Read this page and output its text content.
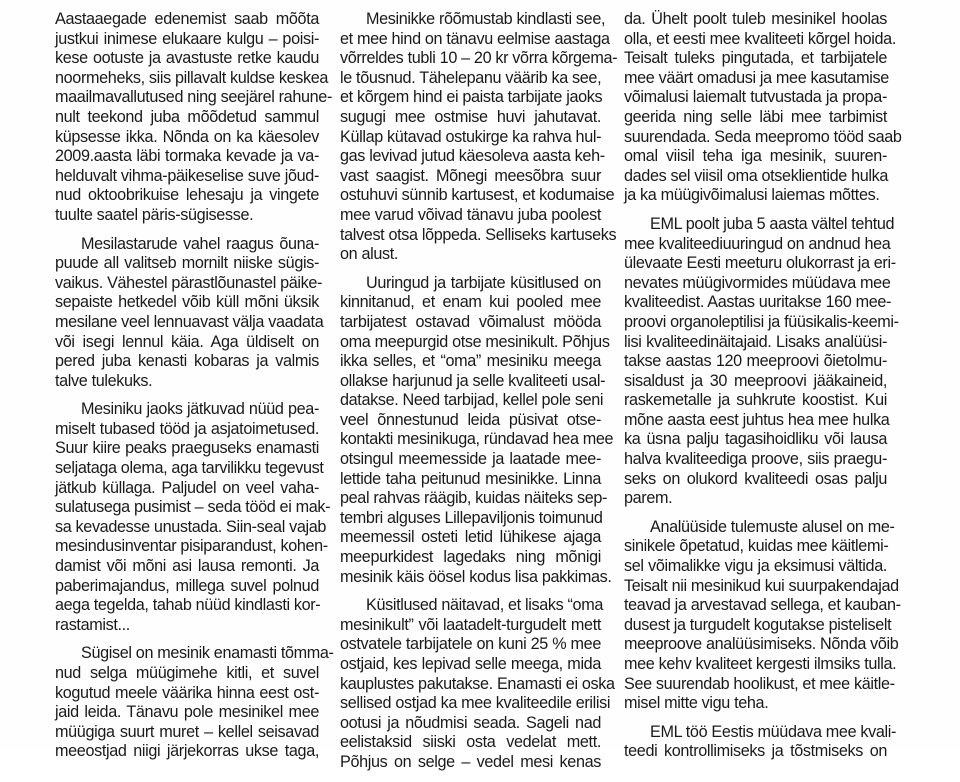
Aastaaegade edenemist saab mõõta
justkui inimese elukaare kulgu – poisi-
kese ootuste ja avastuste retke kaudu
noormeheks, siis pillavalt kuldse keskea
maailmavallutused ning seejärel rahune-
nult teekond juba mõõdetud sammul
küpsesse ikka. Nõnda on ka käesolev
2009.aasta läbi tormaka kevade ja va-
helduvalt vihma-päikeselise suve jõud-
nud oktoobrikuise lehesaju ja vingete
tuulte saatel päris-sügisesse.
Mesilastarude vahel raagus õuna-
puude all valitseb mornilt niiske sügis-
vaikus. Vähestel pärastlõunastel päike-
sepaiste hetkedel võib küll mõni üksik
mesilane veel lennuavast välja vaadata
või isegi lennul käia. Aga üldiselt on
pered juba kenasti kobaras ja valmis
talve tulekuks.
Mesiniku jaoks jätkuvad nüüd pea-
miselt tubased tööd ja asjatoimetused.
Suur kiire peaks praeguseks enamasti
seljataga olema, aga tarvilikku tegevust
jätkub küllaga. Paljudel on veel vaha-
sulatusega pusimist – seda tööd ei mak-
sa kevadesse unustada. Siin-seal vajab
mesindusinventar pisiparandust, kohen-
damist või mõni asi lausa remonti. Ja
paberimajandus, millega suvel polnud
aega tegelda, tahab nüüd kindlasti kor-
rastamist...
Sügisel on mesinik enamasti tõmma-
nud selga müügimehe kitli, et suvel
kogutud meele väärika hinna eest ost-
jaid leida. Tänavu pole mesinikel mee
müügiga suurt muret – kellel seisavad
meeostjad niigi järjekorras ukse taga,
Mesinikke rõõmustab kindlasti see,
et mee hind on tänavu eelmise aastaga
võrreldes tubli 10 – 20 kr võrra kõrgema-
le tõusnud. Tähelepanu väärib ka see,
et kõrgem hind ei paista tarbijate jaoks
sugugi mee ostmise huvi jahutavat.
Küllap kütavad ostukirge ka rahva hul-
gas levivad jutud käesoleva aasta keh-
vast saagist. Mõnegi meesõbra suur
ostuhuvi sünnib kartusest, et kodumaise
mee varud võivad tänavu juba poolest
talvest otsa lõppeda. Selliseks kartuseks
on alust.
Uuringud ja tarbijate küsitlused on
kinnitanud, et enam kui pooled mee
tarbijatest ostavad võimalust mööda
oma meepurgid otse mesinikult. Põhjus
ikka selles, et “oma” mesiniku meega
ollakse harjunud ja selle kvaliteeti usal-
datakse. Need tarbijad, kellel pole seni
veel õnnestunud leida püsivat otse-
kontakti mesinikuga, ründavad hea mee
otsingul meemesside ja laatade mee-
lettide taha peitunud mesinikke. Linna
peal rahvas räägib, kuidas näiteks sep-
tembri alguses Lillepaviljonis toimunud
meemessil osteti letid lühikese ajaga
meepurkidest lagedaks ning mõnigi
mesinik käis öösel kodus lisa pakkimas.
Küsitlused näitavad, et lisaks “oma
mesinikult” või laatadelt-turgudelt mett
ostvatele tarbijatele on kuni 25 % mee
ostjaid, kes lepivad selle meega, mida
kauplustes pakutakse. Enamasti ei oska
sellised ostjad ka mee kvaliteedile erilisi
ootusi ja nõudmisi seada. Sageli nad
eelistaksid siiski osta vedelat mett.
Põhjus on selge – vedel mesi kenas
da. Ühelt poolt tuleb mesinikel hoolas
olla, et eesti mee kvaliteeti kõrgel hoida.
Teisalt tuleks pingutada, et tarbijatele
mee väärt omadusi ja mee kasutamise
võimalusi laiemalt tutvustada ja propa-
geerida ning selle läbi mee tarbimist
suurendada. Seda meepromo tööd saab
omal viisil teha iga mesinik, suuren-
dades sel viisil oma otseklientide hulka
ja ka müügivõimalusi laiemas mõttes.
EML poolt juba 5 aasta vältel tehtud
mee kvaliteediuuringud on andnud hea
ülevaate Eesti meeturu olukorrast ja eri-
nevates müügivormides müüdava mee
kvaliteedist. Aastas uuritakse 160 mee-
proovi organoleptilisi ja füüsikalis-keemi-
lisi kvaliteedinäitajaid. Lisaks analüüsi-
takse aastas 120 meeproovi õietolmu-
sisaldust ja 30 meeproovi jääkaineid,
raskemetalle ja suhkrute koostist. Kui
mõne aasta eest juhtus hea mee hulka
ka üsna palju tagasihoidliku või lausa
halva kvaliteediga proove, siis praegu-
seks on olukord kvaliteedi osas palju
parem.
Analüüside tulemuste alusel on me-
sinikele õpetatud, kuidas mee käitlemi-
sel võimalikke vigu ja eksimusi vältida.
Teisalt nii mesinikud kui suurpakendajad
teavad ja arvestavad sellega, et kauban-
dusest ja turgudelt kogutakse pisteliselt
meeproove analüüsimiseks. Nõnda võib
mee kehv kvaliteet kergesti ilmsiks tulla.
See suurendab hoolikust, et mee käitle-
misel mitte vigu teha.
EML töö Eestis müüdava mee kvali-
teedi kontrollimiseks ja tõstmiseks on
